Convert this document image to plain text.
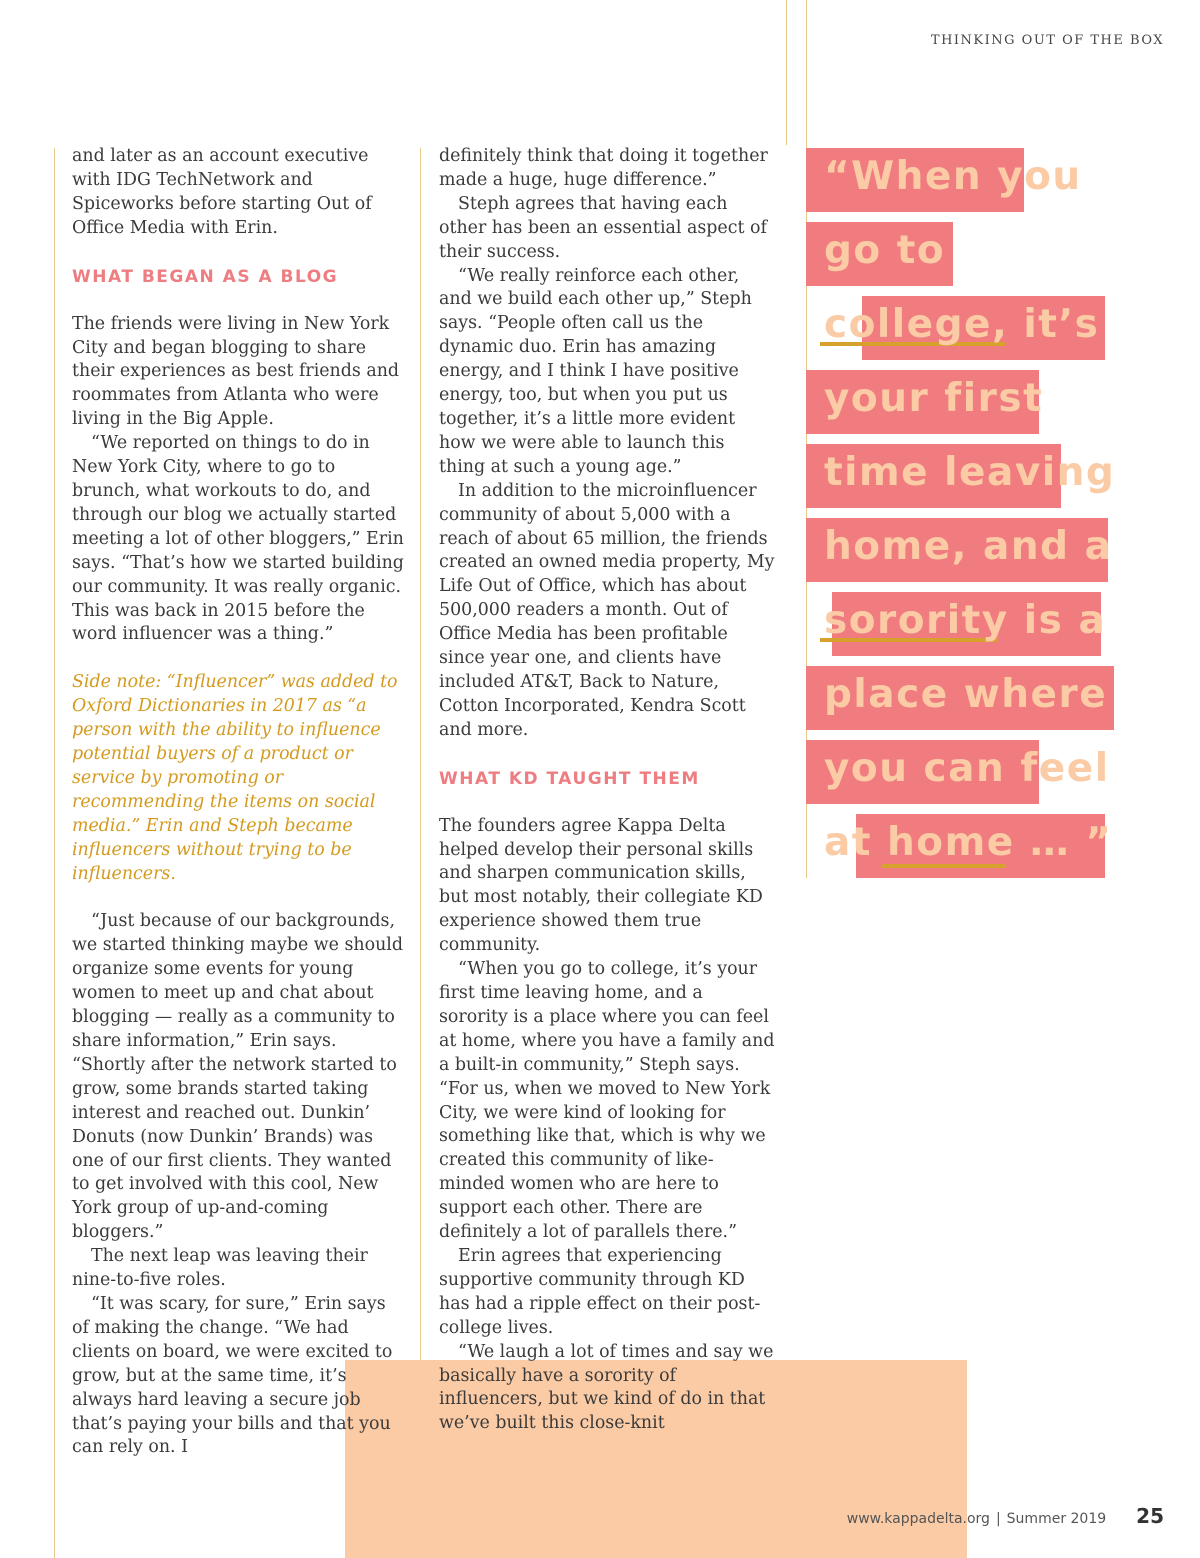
THINKING OUT OF THE BOX

and later as an account executive with IDG TechNetwork and Spiceworks before starting Out of Office Media with Erin.

WHAT BEGAN AS A BLOG

The friends were living in New York City and began blogging to share their experiences as best friends and roommates from Atlanta who were living in the Big Apple.

“We reported on things to do in New York City, where to go to brunch, what workouts to do, and through our blog we actually started meeting a lot of other bloggers,” Erin says. “That’s how we started building our community. It was really organic. This was back in 2015 before the word influencer was a thing.”

Side note: “Influencer” was added to Oxford Dictionaries in 2017 as “a person with the ability to influence potential buyers of a product or service by promoting or recommending the items on social media.” Erin and Steph became influencers without trying to be influencers.

“Just because of our backgrounds, we started thinking maybe we should organize some events for young women to meet up and chat about blogging — really as a community to share information,” Erin says. “Shortly after the network started to grow, some brands started taking interest and reached out. Dunkin’ Donuts (now Dunkin’ Brands) was one of our first clients. They wanted to get involved with this cool, New York group of up-and-coming bloggers.”

The next leap was leaving their nine-to-five roles.

“It was scary, for sure,” Erin says of making the change. “We had clients on board, we were excited to grow, but at the same time, it’s always hard leaving a secure job that’s paying your bills and that you can rely on. I

definitely think that doing it together made a huge, huge difference.”

Steph agrees that having each other has been an essential aspect of their success.

“We really reinforce each other, and we build each other up,” Steph says. “People often call us the dynamic duo. Erin has amazing energy, and I think I have positive energy, too, but when you put us together, it’s a little more evident how we were able to launch this thing at such a young age.”

In addition to the microinfluencer community of about 5,000 with a reach of about 65 million, the friends created an owned media property, My Life Out of Office, which has about 500,000 readers a month. Out of Office Media has been profitable since year one, and clients have included AT&T, Back to Nature, Cotton Incorporated, Kendra Scott and more.

WHAT KD TAUGHT THEM

The founders agree Kappa Delta helped develop their personal skills and sharpen communication skills, but most notably, their collegiate KD experience showed them true community.

“When you go to college, it’s your first time leaving home, and a sorority is a place where you can feel at home, where you have a family and a built-in community,” Steph says. “For us, when we moved to New York City, we were kind of looking for something like that, which is why we created this community of like-minded women who are here to support each other. There are definitely a lot of parallels there.”

Erin agrees that experiencing supportive community through KD has had a ripple effect on their post-college lives.

“We laugh a lot of times and say we basically have a sorority of influencers, but we kind of do in that we’ve built this close-knit

“When you
go to
college, it’s
your first
time leaving
home, and a
sorority is a
place where
you can feel
at home … ”
www.kappadelta.org | Summer 2019 25
